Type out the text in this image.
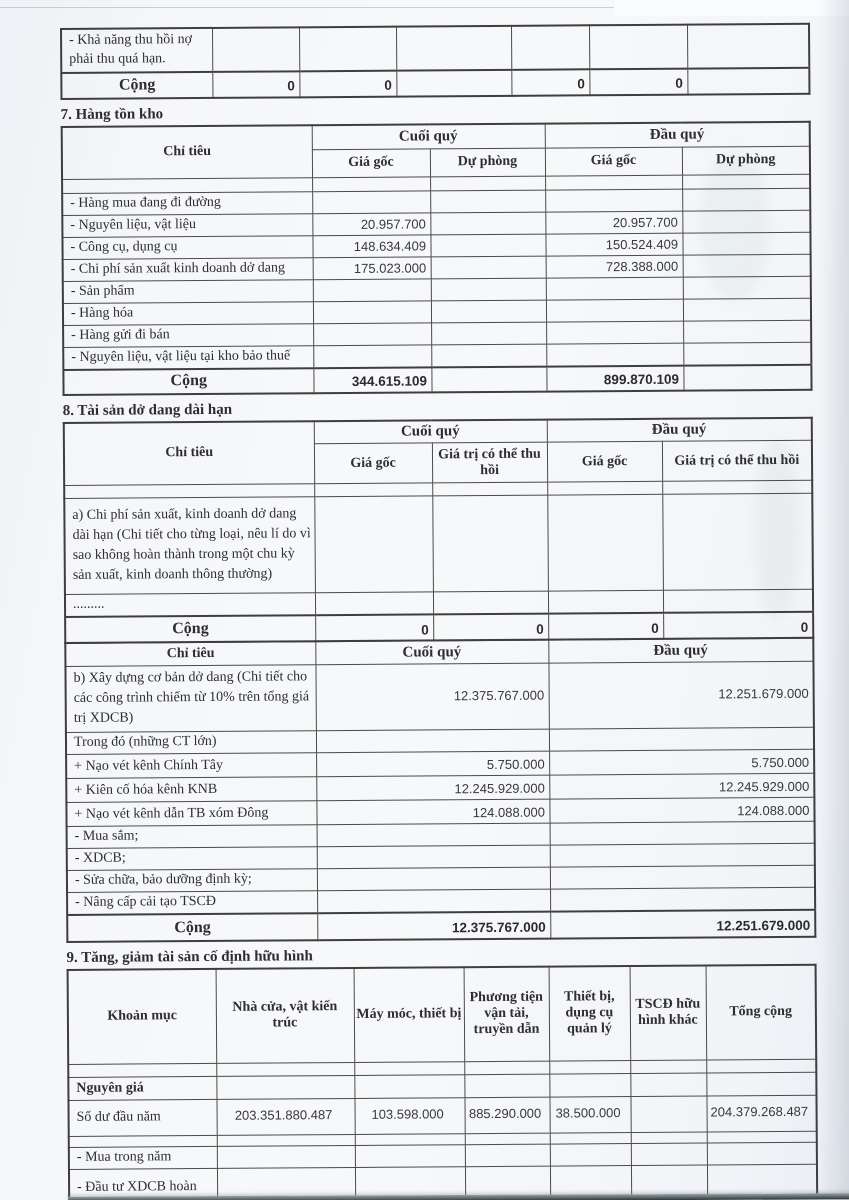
- Khả năng thu hồi nợ phải thu quá hạn.						
Cộng	0	0		0	0	
7. Hàng tồn kho
Chỉ tiêu	Cuối quý		Đầu quý	
	Giá gốc	Dự phòng	Giá gốc	Dự phòng

- Hàng mua đang đi đường				
- Nguyên liệu, vật liệu	20.957.700		20.957.700	
- Công cụ, dụng cụ	148.634.409		150.524.409	
- Chi phí sản xuất kinh doanh dở dang	175.023.000		728.388.000	
- Sản phẩm				
- Hàng hóa				
- Hàng gửi đi bán				
- Nguyên liệu, vật liệu tại kho bảo thuế				
Cộng	344.615.109		899.870.109	
8. Tài sản dở dang dài hạn
Chỉ tiêu	Cuối quý		Đầu quý	
	Giá gốc	Giá trị có thể thu hồi	Giá gốc	Giá trị có thể thu hồi

a) Chi phí sản xuất, kinh doanh dở dang dài hạn (Chi tiết cho từng loại, nêu lí do vì sao không hoàn thành trong một chu kỳ sản xuất, kinh doanh thông thường)				
.........				
Cộng	0	0	0	0
Chỉ tiêu	Cuối quý	Đầu quý
b) Xây dựng cơ bản dở dang (Chi tiết cho các công trình chiếm từ 10% trên tổng giá trị XDCB)	12.375.767.000	12.251.679.000
Trong đó (những CT lớn)		
+ Nạo vét kênh Chính Tây	5.750.000	5.750.000
+ Kiên cố hóa kênh KNB	12.245.929.000	12.245.929.000
+ Nạo vét kênh dẫn TB xóm Đông	124.088.000	124.088.000
- Mua sắm;		
- XDCB;		
- Sửa chữa, bảo dưỡng định kỳ;		
- Nâng cấp cải tạo TSCĐ		
Cộng	12.375.767.000	12.251.679.000
9. Tăng, giảm tài sản cố định hữu hình
Khoản mục	Nhà cửa, vật kiến trúc	Máy móc, thiết bị	Phương tiện vận tải, truyền dẫn	Thiết bị, dụng cụ quản lý	TSCĐ hữu hình khác	Tổng cộng

Nguyên giá						
Số dư đầu năm	203.351.880.487	103.598.000	885.290.000	38.500.000		204.379.268.487

- Mua trong năm						
- Đầu tư XDCB hoàn						
